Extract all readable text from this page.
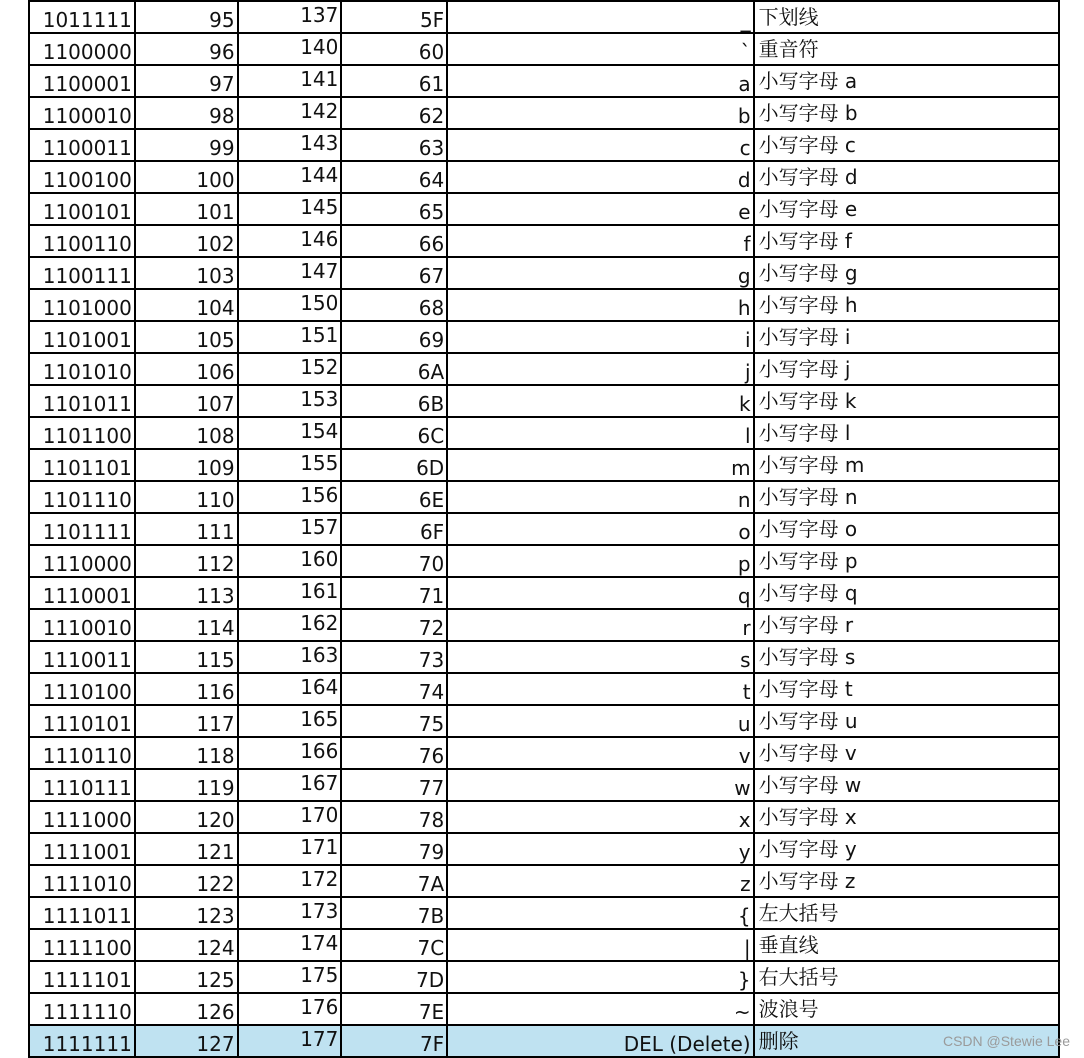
1011111	95	137	5F	_ 下划线
1100000	96	140	60	` 重音符
1100001	97	141	61	a 小写字母 a
1100010	98	142	62	b 小写字母 b
1100011	99	143	63	c 小写字母 c
1100100	100	144	64	d 小写字母 d
1100101	101	145	65	e 小写字母 e
1100110	102	146	66	f 小写字母 f
1100111	103	147	67	g 小写字母 g
1101000	104	150	68	h 小写字母 h
1101001	105	151	69	i 小写字母 i
1101010	106	152	6A	j 小写字母 j
1101011	107	153	6B	k 小写字母 k
1101100	108	154	6C	l 小写字母 l
1101101	109	155	6D	m 小写字母 m
1101110	110	156	6E	n 小写字母 n
1101111	111	157	6F	o 小写字母 o
1110000	112	160	70	p 小写字母 p
1110001	113	161	71	q 小写字母 q
1110010	114	162	72	r 小写字母 r
1110011	115	163	73	s 小写字母 s
1110100	116	164	74	t 小写字母 t
1110101	117	165	75	u 小写字母 u
1110110	118	166	76	v 小写字母 v
1110111	119	167	77	w 小写字母 w
1111000	120	170	78	x 小写字母 x
1111001	121	171	79	y 小写字母 y
1111010	122	172	7A	z 小写字母 z
1111011	123	173	7B	{ 左大括号
1111100	124	174	7C	| 垂直线
1111101	125	175	7D	} 右大括号
1111110	126	176	7E	~ 波浪号
1111111	127	177	7F	DEL (Delete) 删除	CSDN @Stewie Lee
